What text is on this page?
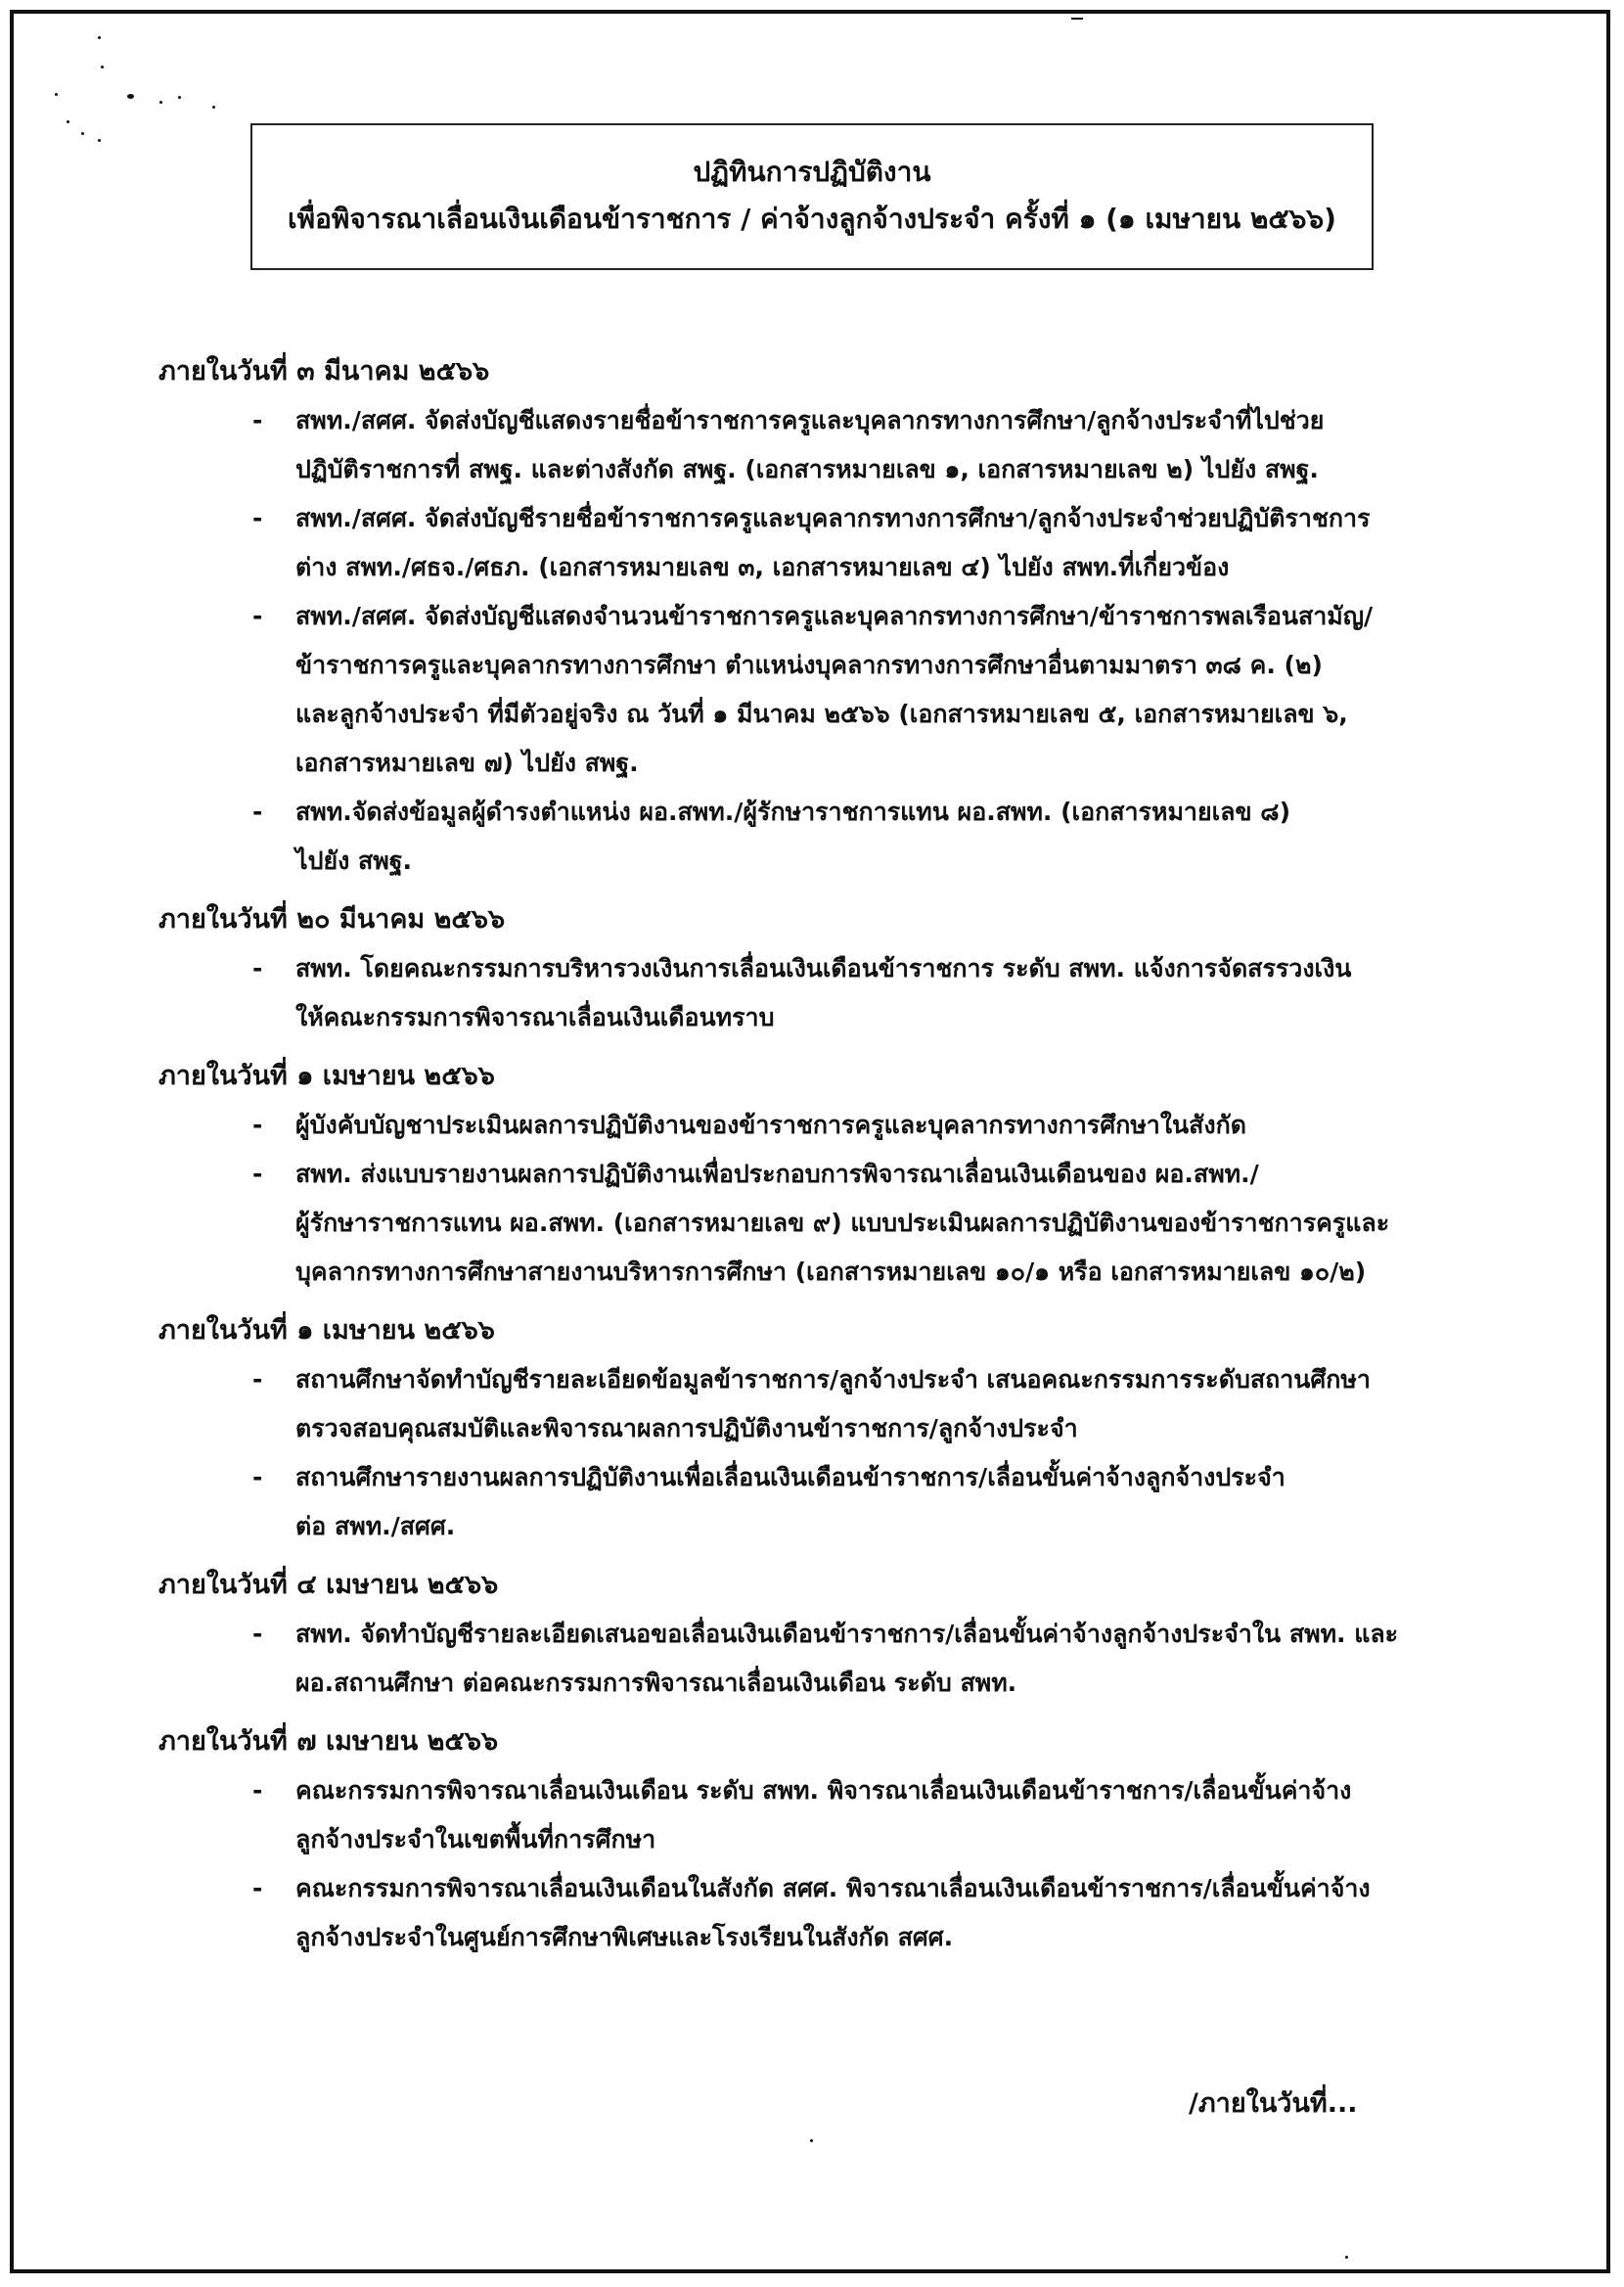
ปฏิทินการปฏิบัติงาน
เพื่อพิจารณาเลื่อนเงินเดือนข้าราชการ / ค่าจ้างลูกจ้างประจำ ครั้งที่ ๑ (๑ เมษายน ๒๕๖๖)
ภายในวันที่ ๓ มีนาคม ๒๕๖๖
-	สพท./สศศ. จัดส่งบัญชีแสดงรายชื่อข้าราชการครูและบุคลากรทางการศึกษา/ลูกจ้างประจำที่ไปช่วย
ปฏิบัติราชการที่ สพฐ. และต่างสังกัด สพฐ. (เอกสารหมายเลข ๑, เอกสารหมายเลข ๒) ไปยัง สพฐ.
-	สพท./สศศ. จัดส่งบัญชีรายชื่อข้าราชการครูและบุคลากรทางการศึกษา/ลูกจ้างประจำช่วยปฏิบัติราชการ
ต่าง สพท./ศธจ./ศธภ. (เอกสารหมายเลข ๓, เอกสารหมายเลข ๔) ไปยัง สพท.ที่เกี่ยวข้อง
-	สพท./สศศ. จัดส่งบัญชีแสดงจำนวนข้าราชการครูและบุคลากรทางการศึกษา/ข้าราชการพลเรือนสามัญ/
ข้าราชการครูและบุคลากรทางการศึกษา ตำแหน่งบุคลากรทางการศึกษาอื่นตามมาตรา ๓๘ ค. (๒)
และลูกจ้างประจำ ที่มีตัวอยู่จริง ณ วันที่ ๑ มีนาคม ๒๕๖๖ (เอกสารหมายเลข ๕, เอกสารหมายเลข ๖,
เอกสารหมายเลข ๗) ไปยัง สพฐ.
-	สพท.จัดส่งข้อมูลผู้ดำรงตำแหน่ง ผอ.สพท./ผู้รักษาราชการแทน ผอ.สพท. (เอกสารหมายเลข ๘)
ไปยัง สพฐ.
ภายในวันที่ ๒๐ มีนาคม ๒๕๖๖
-	สพท. โดยคณะกรรมการบริหารวงเงินการเลื่อนเงินเดือนข้าราชการ ระดับ สพท. แจ้งการจัดสรรวงเงิน
ให้คณะกรรมการพิจารณาเลื่อนเงินเดือนทราบ
ภายในวันที่ ๑ เมษายน ๒๕๖๖
-	ผู้บังคับบัญชาประเมินผลการปฏิบัติงานของข้าราชการครูและบุคลากรทางการศึกษาในสังกัด
-	สพท. ส่งแบบรายงานผลการปฏิบัติงานเพื่อประกอบการพิจารณาเลื่อนเงินเดือนของ ผอ.สพท./
ผู้รักษาราชการแทน ผอ.สพท. (เอกสารหมายเลข ๙) แบบประเมินผลการปฏิบัติงานของข้าราชการครูและ
บุคลากรทางการศึกษาสายงานบริหารการศึกษา (เอกสารหมายเลข ๑๐/๑ หรือ เอกสารหมายเลข ๑๐/๒)
ภายในวันที่ ๑ เมษายน ๒๕๖๖
-	สถานศึกษาจัดทำบัญชีรายละเอียดข้อมูลข้าราชการ/ลูกจ้างประจำ เสนอคณะกรรมการระดับสถานศึกษา
ตรวจสอบคุณสมบัติและพิจารณาผลการปฏิบัติงานข้าราชการ/ลูกจ้างประจำ
-	สถานศึกษารายงานผลการปฏิบัติงานเพื่อเลื่อนเงินเดือนข้าราชการ/เลื่อนขั้นค่าจ้างลูกจ้างประจำ
ต่อ สพท./สศศ.
ภายในวันที่ ๔ เมษายน ๒๕๖๖
-	สพท. จัดทำบัญชีรายละเอียดเสนอขอเลื่อนเงินเดือนข้าราชการ/เลื่อนขั้นค่าจ้างลูกจ้างประจำใน สพท. และ
ผอ.สถานศึกษา ต่อคณะกรรมการพิจารณาเลื่อนเงินเดือน ระดับ สพท.
ภายในวันที่ ๗ เมษายน ๒๕๖๖
-	คณะกรรมการพิจารณาเลื่อนเงินเดือน ระดับ สพท. พิจารณาเลื่อนเงินเดือนข้าราชการ/เลื่อนขั้นค่าจ้าง
ลูกจ้างประจำในเขตพื้นที่การศึกษา
-	คณะกรรมการพิจารณาเลื่อนเงินเดือนในสังกัด สศศ. พิจารณาเลื่อนเงินเดือนข้าราชการ/เลื่อนขั้นค่าจ้าง
ลูกจ้างประจำในศูนย์การศึกษาพิเศษและโรงเรียนในสังกัด สศศ.
/ภายในวันที่...
